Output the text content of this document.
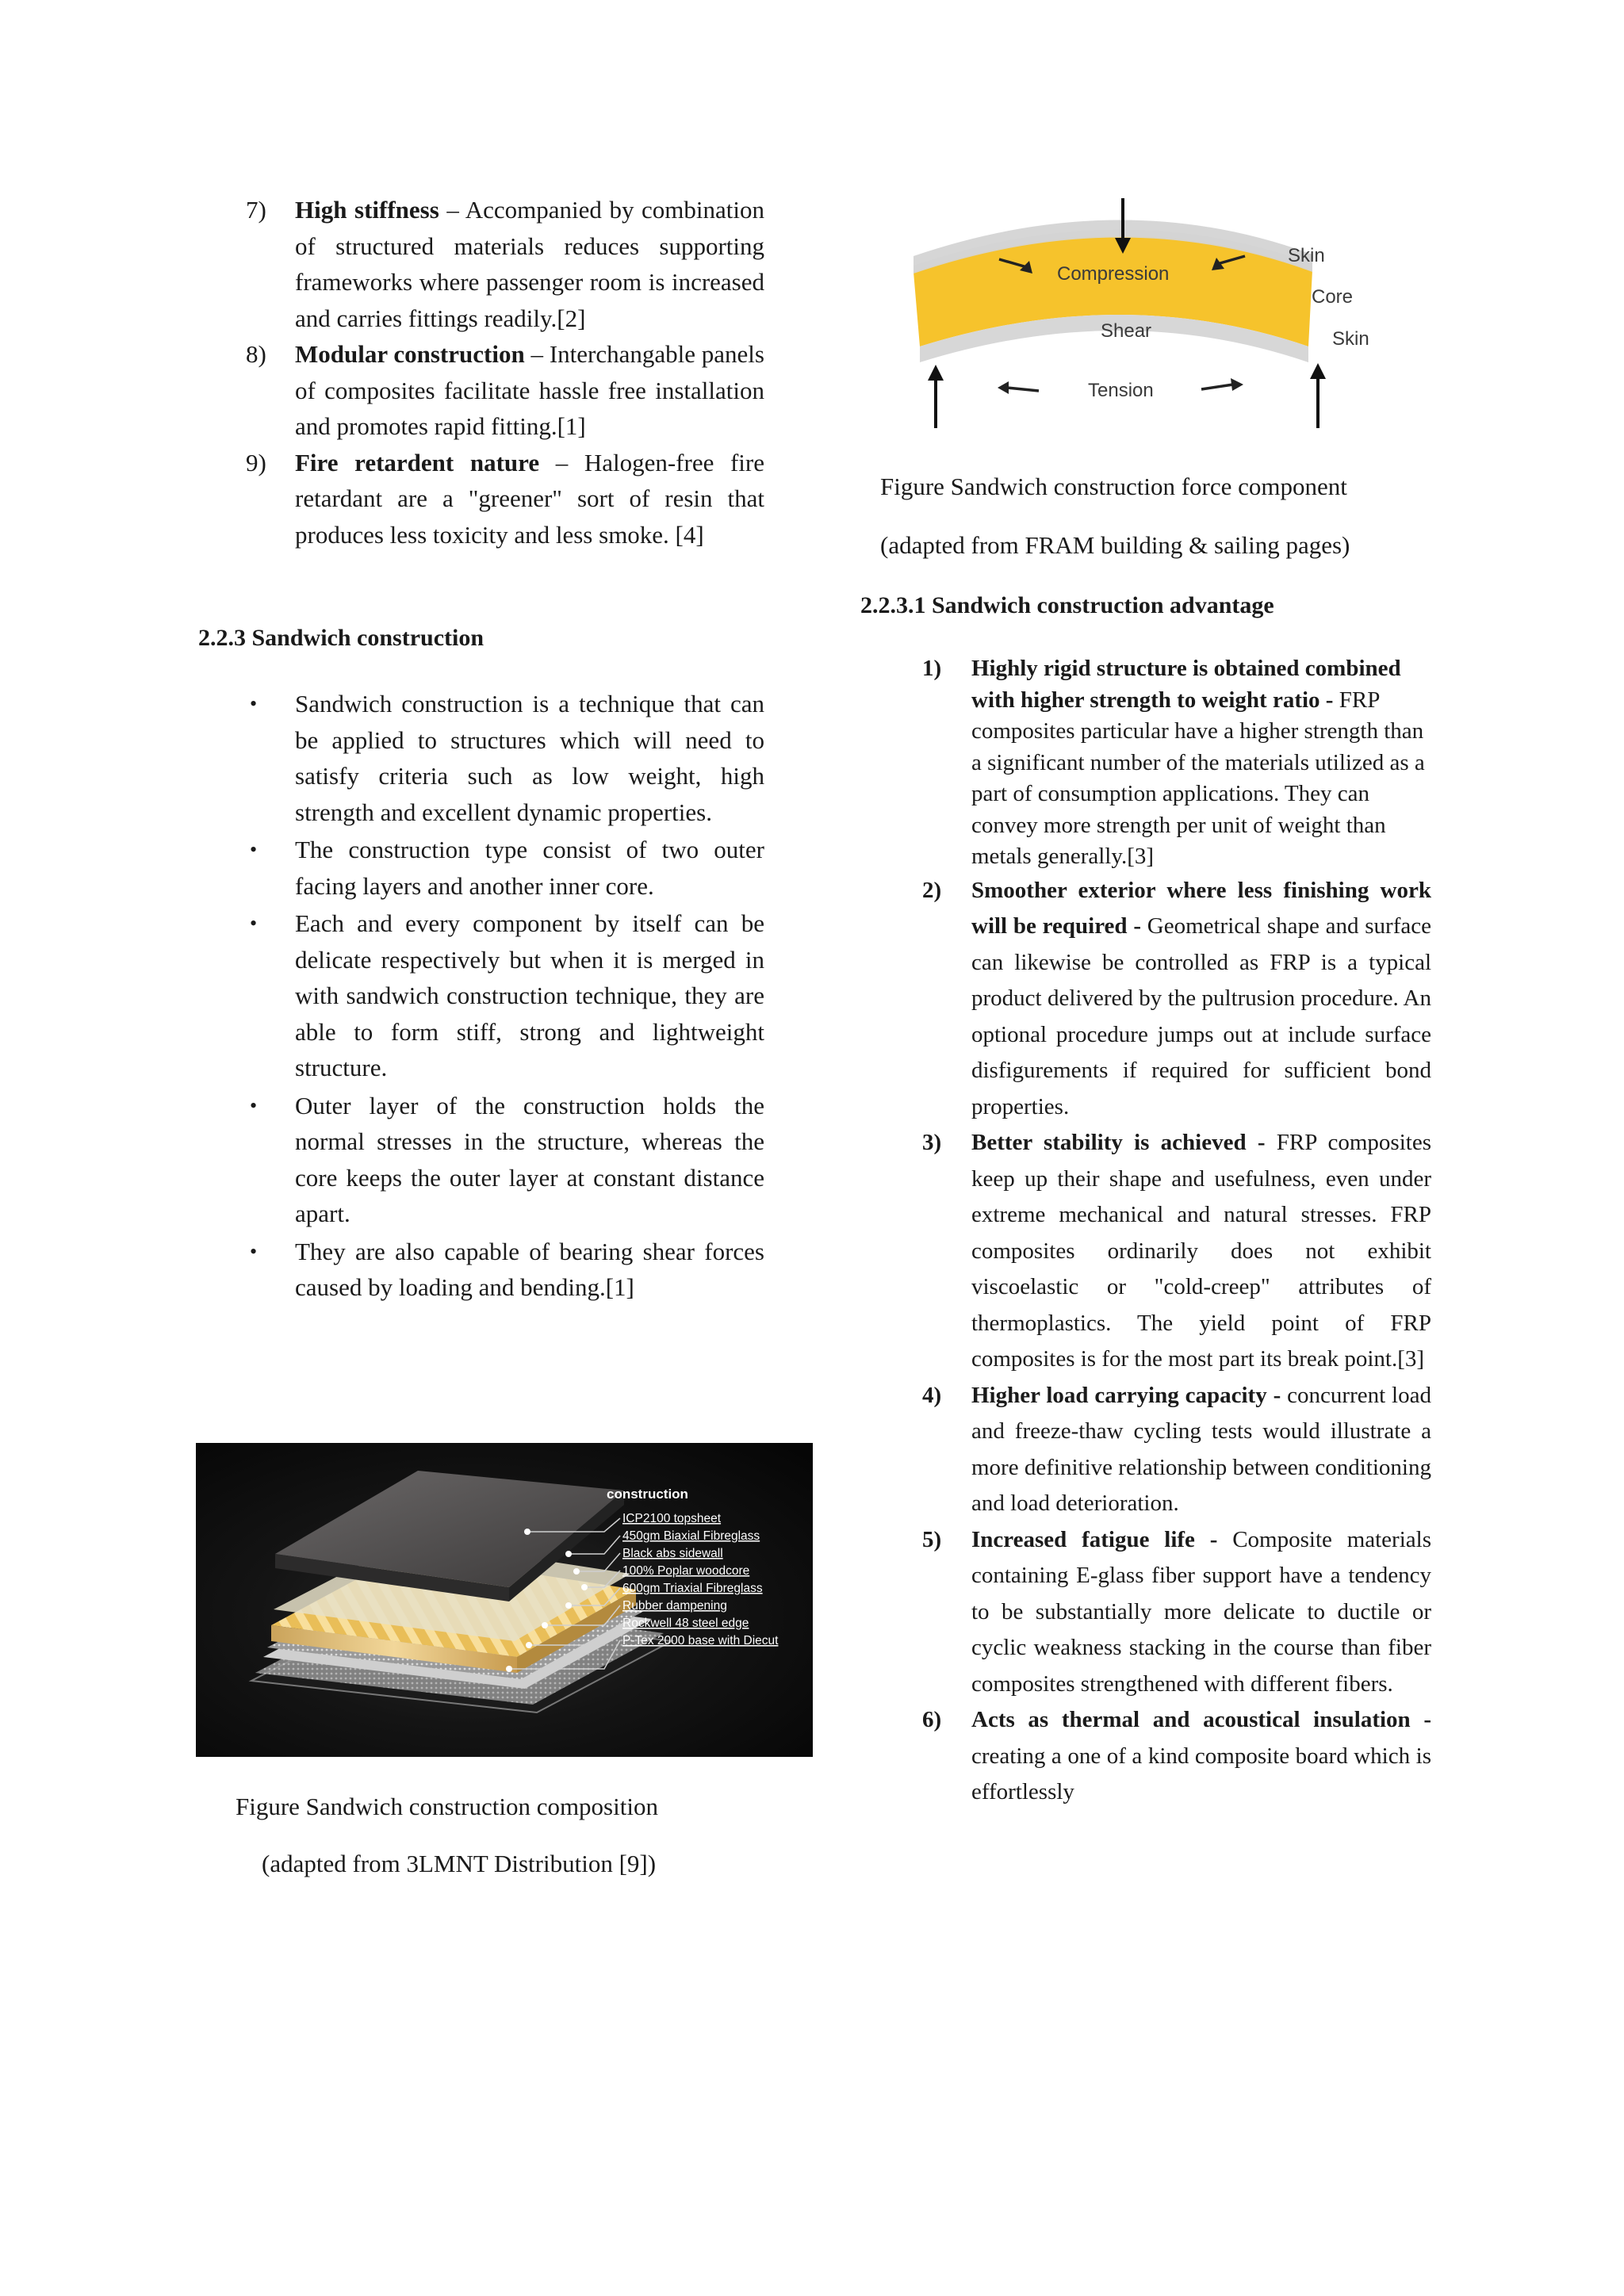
7) High stiffness – Accompanied by combination of structured materials reduces supporting frameworks where passenger room is increased and carries fittings readily.[2]
8) Modular construction – Interchangable panels of composites facilitate hassle free installation and promotes rapid fitting.[1]
9) Fire retardent nature – Halogen-free fire retardant are a "greener" sort of resin that produces less toxicity and less smoke. [4]

2.2.3 Sandwich construction

• Sandwich construction is a technique that can be applied to structures which will need to satisfy criteria such as low weight, high strength and excellent dynamic properties.
• The construction type consist of two outer facing layers and another inner core.
• Each and every component by itself can be delicate respectively but when it is merged in with sandwich construction technique, they are able to form stiff, strong and lightweight structure.
• Outer layer of the construction holds the normal stresses in the structure, whereas the core keeps the outer layer at constant distance apart.
• They are also capable of bearing shear forces caused by loading and bending.[1]
construction
ICP2100 topsheet
450gm Biaxial Fibreglass
Black abs sidewall
100% Poplar woodcore
600gm Triaxial Fibreglass
Rubber dampening
Rockwell 48 steel edge
P-Tex 2000 base with Diecut

Figure Sandwich construction composition

(adapted from 3LMNT Distribution [9])

Compression
Shear
Tension
Skin
Core
Skin

Figure Sandwich construction force component

(adapted from FRAM building & sailing pages)

2.2.3.1 Sandwich construction advantage

1) Highly rigid structure is obtained combined with higher strength to weight ratio - FRP composites particular have a higher strength than a significant number of the materials utilized as a part of consumption applications. They can convey more strength per unit of weight than metals generally.[3]
2) Smoother exterior where less finishing work will be required - Geometrical shape and surface can likewise be controlled as FRP is a typical product delivered by the pultrusion procedure. An optional procedure jumps out at include surface disfigurements if required for sufficient bond properties.
3) Better stability is achieved - FRP composites keep up their shape and usefulness, even under extreme mechanical and natural stresses. FRP composites ordinarily does not exhibit viscoelastic or "cold-creep" attributes of thermoplastics. The yield point of FRP composites is for the most part its break point.[3]
4) Higher load carrying capacity - concurrent load and freeze-thaw cycling tests would illustrate a more definitive relationship between conditioning and load deterioration.
5) Increased fatigue life - Composite materials containing E-glass fiber support have a tendency to be substantially more delicate to ductile or cyclic weakness stacking in the course than fiber composites strengthened with different fibers.
6) Acts as thermal and acoustical insulation - creating a one of a kind composite board which is effortlessly
